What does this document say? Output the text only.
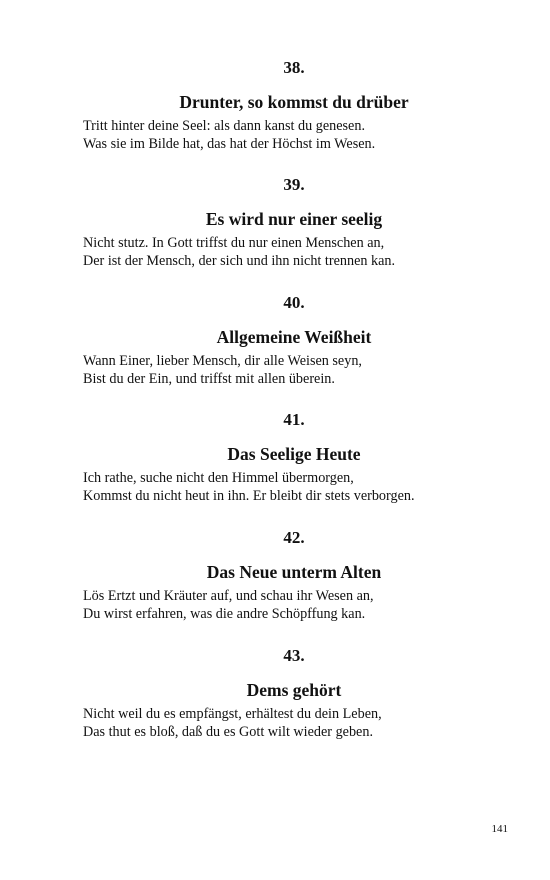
38.
Drunter, so kommst du drüber
Tritt hinter deine Seel: als dann kanst du genesen.
Was sie im Bilde hat, das hat der Höchst im Wesen.
39.
Es wird nur einer seelig
Nicht stutz. In Gott triffst du nur einen Menschen an,
Der ist der Mensch, der sich und ihn nicht trennen kan.
40.
Allgemeine Weißheit
Wann Einer, lieber Mensch, dir alle Weisen seyn,
Bist du der Ein, und triffst mit allen überein.
41.
Das Seelige Heute
Ich rathe, suche nicht den Himmel übermorgen,
Kommst du nicht heut in ihn. Er bleibt dir stets verborgen.
42.
Das Neue unterm Alten
Lös Ertzt und Kräuter auf, und schau ihr Wesen an,
Du wirst erfahren, was die andre Schöpffung kan.
43.
Dems gehört
Nicht weil du es empfängst, erhältest du dein Leben,
Das thut es bloß, daß du es Gott wilt wieder geben.
141
